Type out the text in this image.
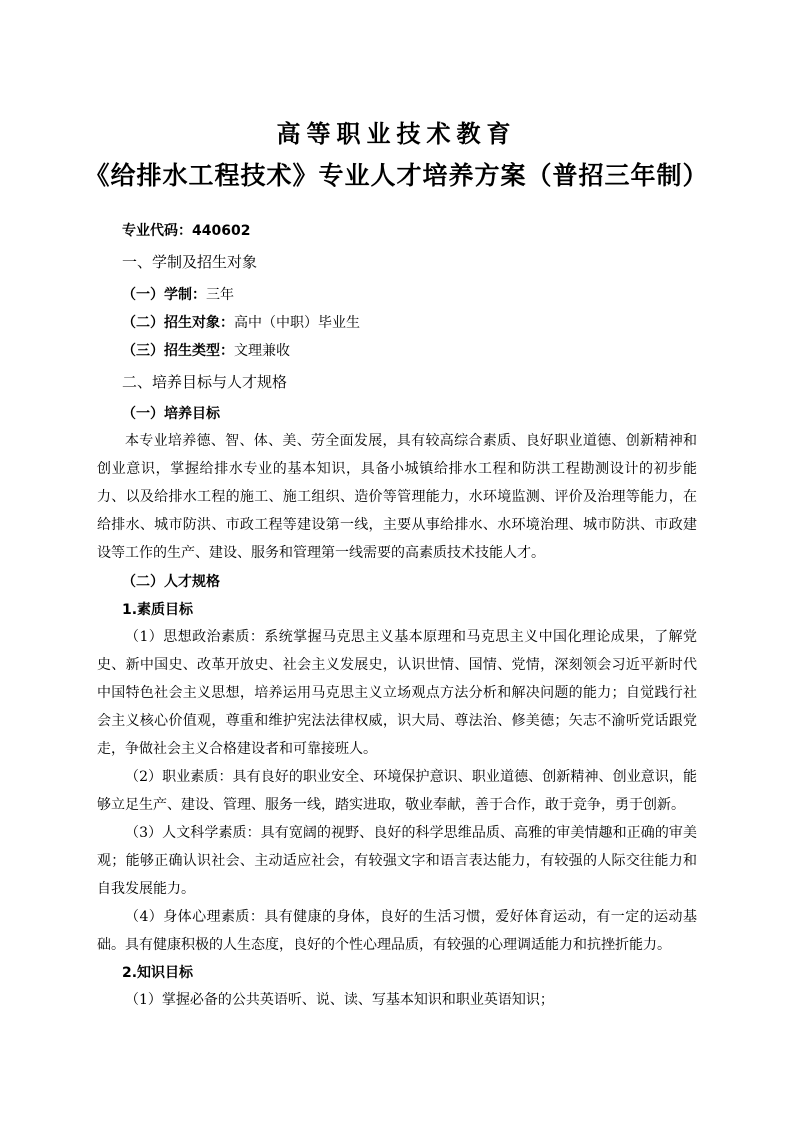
高等职业技术教育
《给排水工程技术》专业人才培养方案（普招三年制）
专业代码：440602
一、学制及招生对象
（一）学制：三年
（二）招生对象：高中（中职）毕业生
（三）招生类型：文理兼收
二、培养目标与人才规格
（一）培养目标
本专业培养德、智、体、美、劳全面发展，具有较高综合素质、良好职业道德、创新精神和创业意识，掌握给排水专业的基本知识，具备小城镇给排水工程和防洪工程勘测设计的初步能力、以及给排水工程的施工、施工组织、造价等管理能力，水环境监测、评价及治理等能力，在给排水、城市防洪、市政工程等建设第一线，主要从事给排水、水环境治理、城市防洪、市政建设等工作的生产、建设、服务和管理第一线需要的高素质技术技能人才。
（二）人才规格
1.素质目标
（1）思想政治素质：系统掌握马克思主义基本原理和马克思主义中国化理论成果，了解党史、新中国史、改革开放史、社会主义发展史，认识世情、国情、党情，深刻领会习近平新时代中国特色社会主义思想，培养运用马克思主义立场观点方法分析和解决问题的能力；自觉践行社会主义核心价值观，尊重和维护宪法法律权威，识大局、尊法治、修美德；矢志不渝听党话跟党走，争做社会主义合格建设者和可靠接班人。
（2）职业素质：具有良好的职业安全、环境保护意识、职业道德、创新精神、创业意识，能够立足生产、建设、管理、服务一线，踏实进取，敬业奉献，善于合作，敢于竞争，勇于创新。
（3）人文科学素质：具有宽阔的视野、良好的科学思维品质、高雅的审美情趣和正确的审美观；能够正确认识社会、主动适应社会，有较强文字和语言表达能力，有较强的人际交往能力和自我发展能力。
（4）身体心理素质：具有健康的身体，良好的生活习惯，爱好体育运动，有一定的运动基础。具有健康积极的人生态度，良好的个性心理品质，有较强的心理调适能力和抗挫折能力。
2.知识目标
（1）掌握必备的公共英语听、说、读、写基本知识和职业英语知识；
